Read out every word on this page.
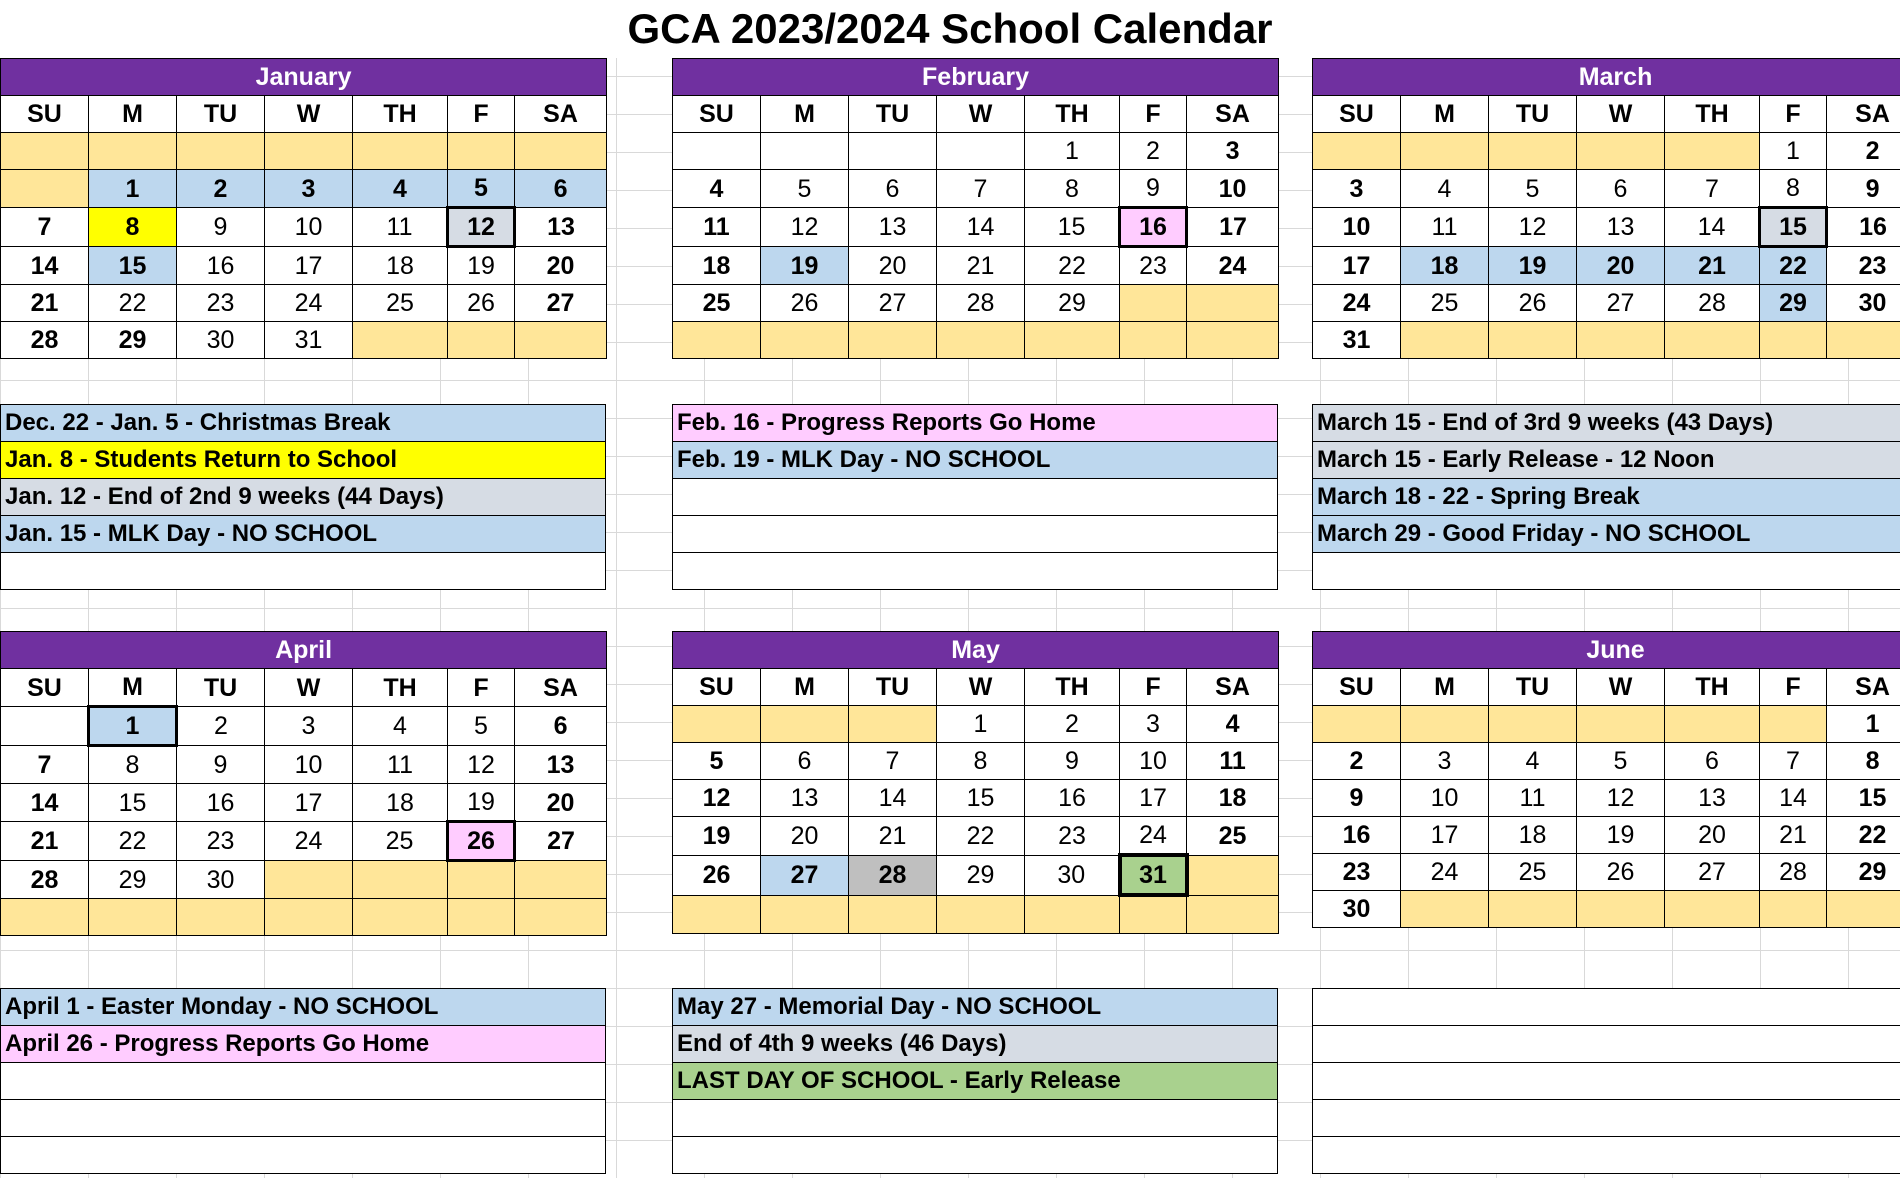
GCA 2023/2024 School Calendar
January						
SU	M	TU	W	TH	F	SA

	1	2	3	4	5	6
7	8	9	10	11	12	13
14	15	16	17	18	19	20
21	22	23	24	25	26	27
28	29	30	31			
Dec. 22 - Jan. 5 - Christmas Break
Jan. 8 - Students Return to School
Jan. 12 - End of 2nd 9 weeks (44 Days)
Jan. 15 - MLK Day - NO SCHOOL

February						
SU	M	TU	W	TH	F	SA
				1	2	3
4	5	6	7	8	9	10
11	12	13	14	15	16	17
18	19	20	21	22	23	24
25	26	27	28	29		

Feb. 16 - Progress Reports Go Home
Feb. 19 - MLK Day - NO SCHOOL

March						
SU	M	TU	W	TH	F	SA
					1	2
3	4	5	6	7	8	9
10	11	12	13	14	15	16
17	18	19	20	21	22	23
24	25	26	27	28	29	30
31						
March 15 - End of 3rd 9 weeks (43 Days)
March 15 - Early Release - 12 Noon
March 18 - 22 - Spring Break
March 29 - Good Friday - NO SCHOOL

April						
SU	M	TU	W	TH	F	SA
	1	2	3	4	5	6
7	8	9	10	11	12	13
14	15	16	17	18	19	20
21	22	23	24	25	26	27
28	29	30				

April 1 - Easter Monday - NO SCHOOL
April 26 - Progress Reports Go Home

May						
SU	M	TU	W	TH	F	SA
			1	2	3	4
5	6	7	8	9	10	11
12	13	14	15	16	17	18
19	20	21	22	23	24	25
26	27	28	29	30	31	

May 27 - Memorial Day - NO SCHOOL
End of 4th 9 weeks (46 Days)
LAST DAY OF SCHOOL - Early Release

June						
SU	M	TU	W	TH	F	SA
						1
2	3	4	5	6	7	8
9	10	11	12	13	14	15
16	17	18	19	20	21	22
23	24	25	26	27	28	29
30						
